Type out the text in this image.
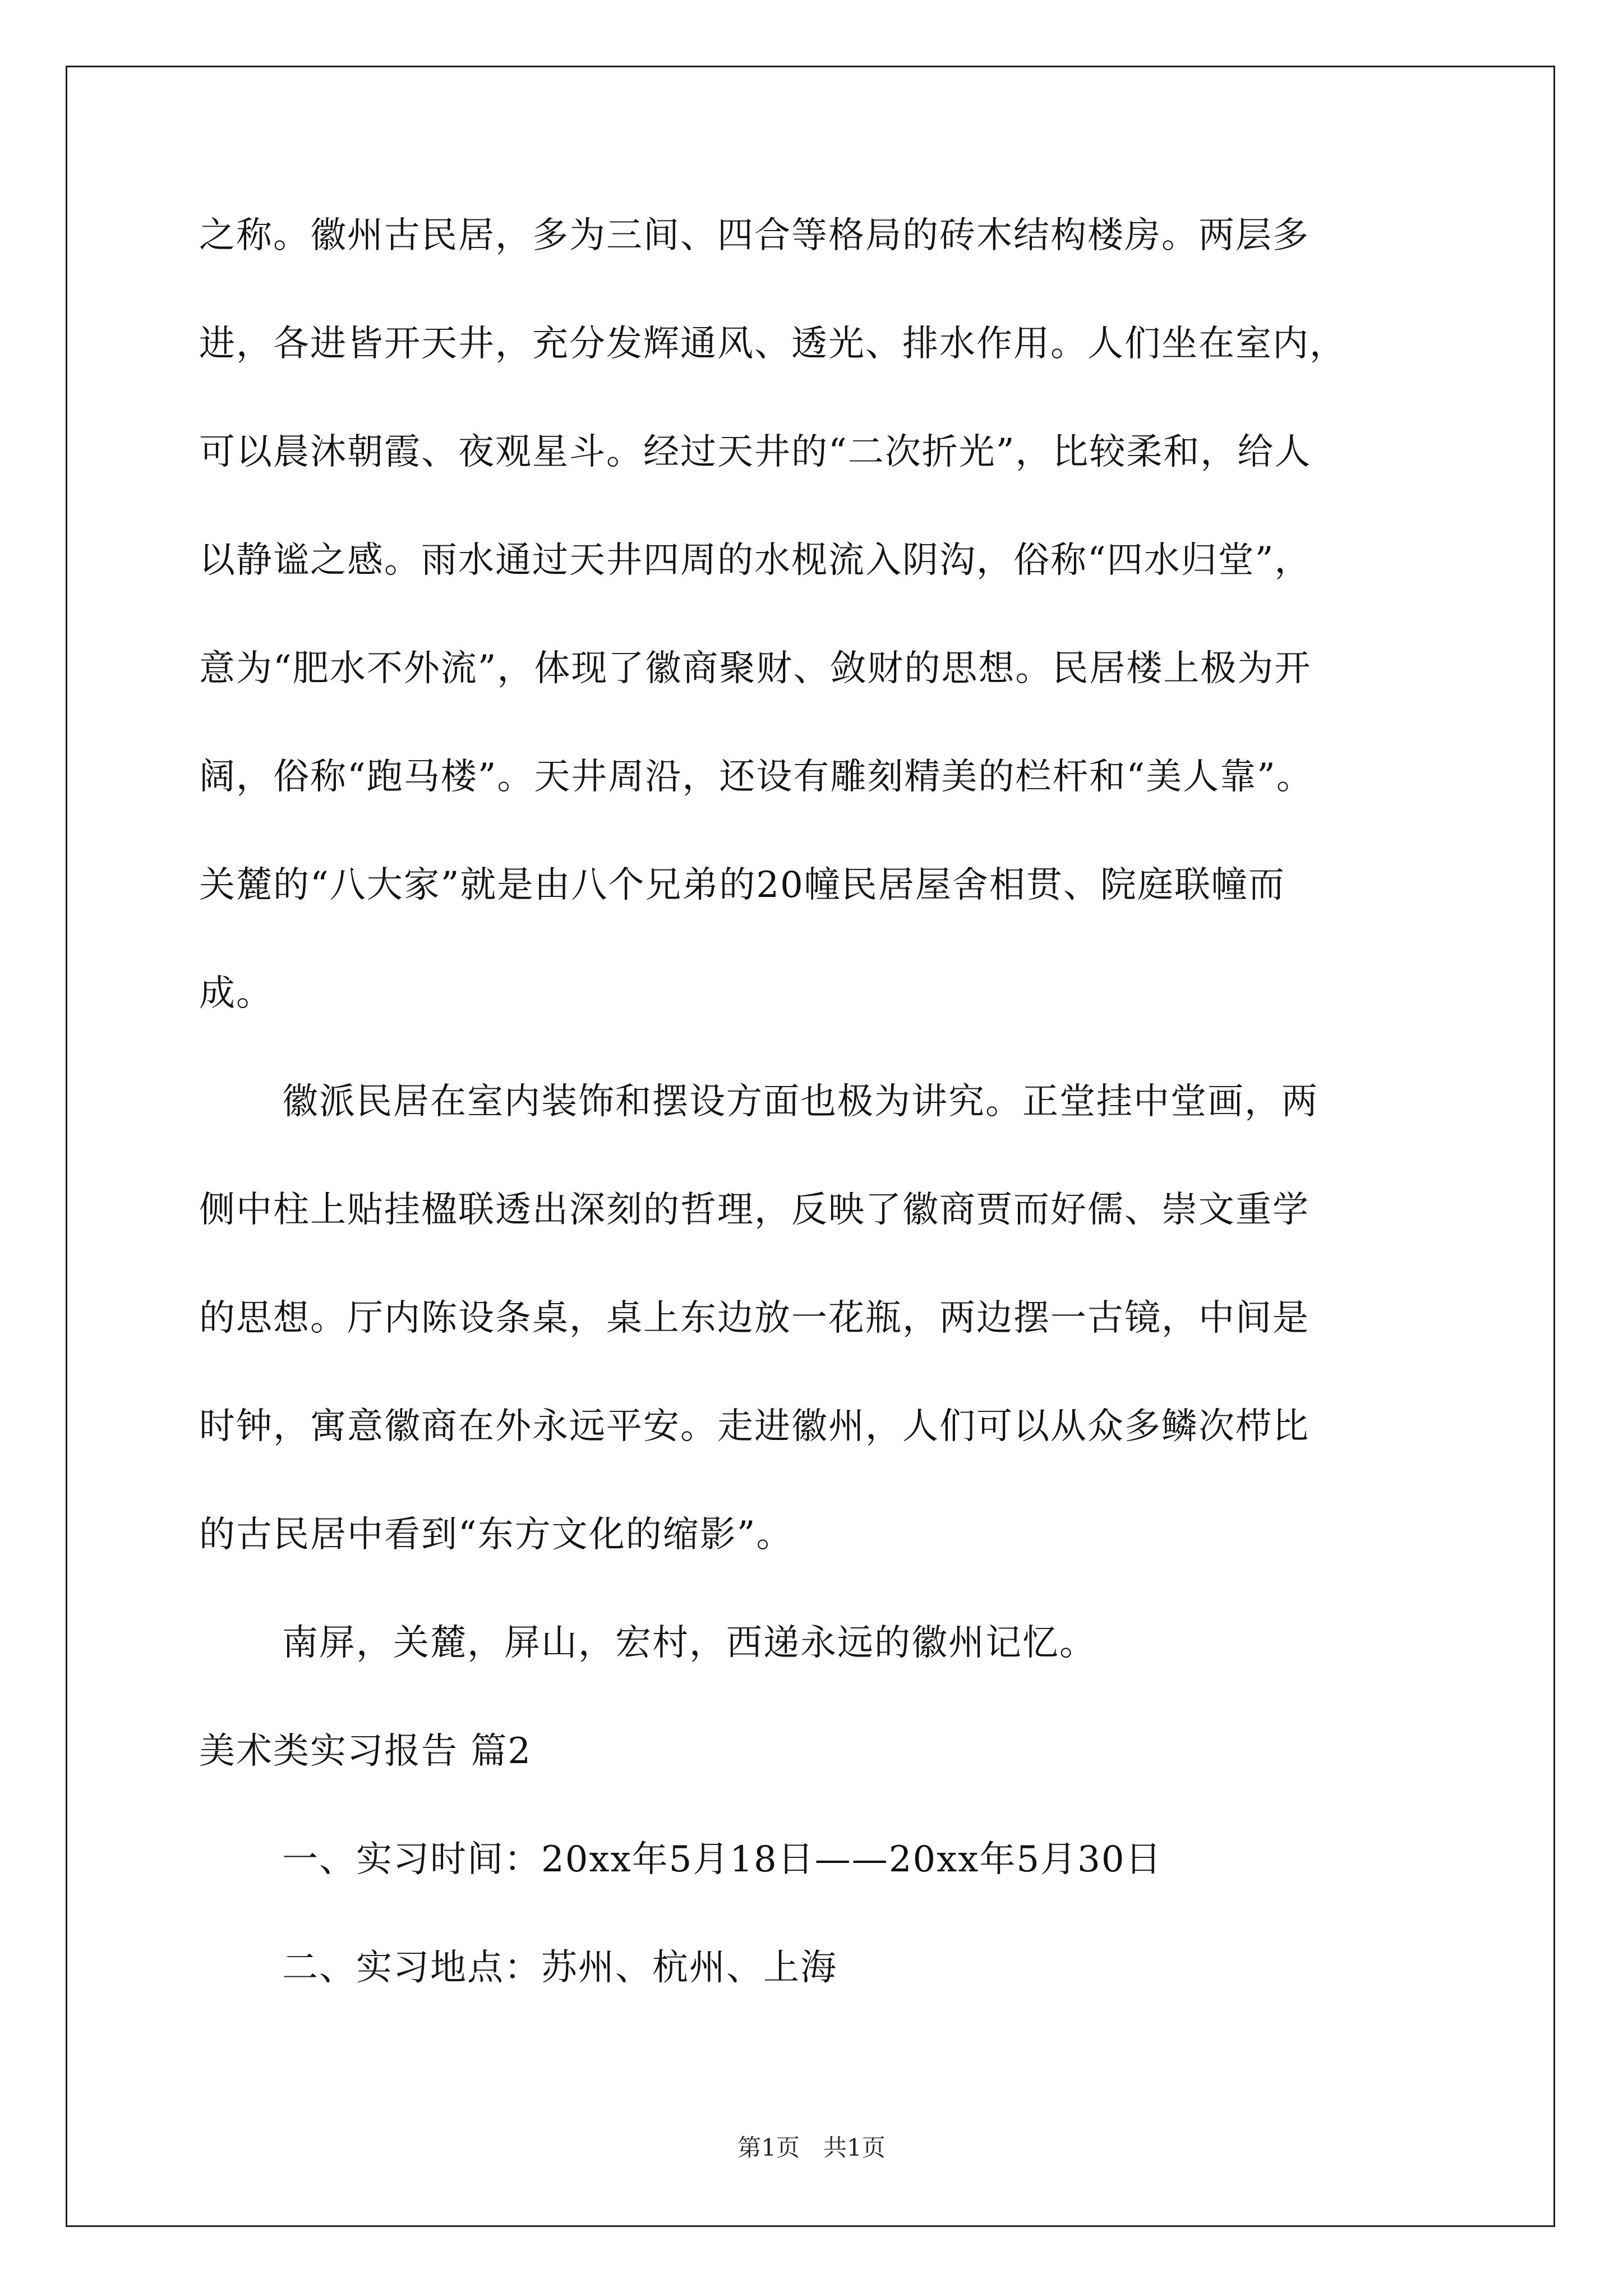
之称。徽州古民居，多为三间、四合等格局的砖木结构楼房。两层多

进，各进皆开天井，充分发辉通风、透光、排水作用。人们坐在室内，

可以晨沐朝霞、夜观星斗。经过天井的“二次折光”，比较柔和，给人

以静谧之感。雨水通过天井四周的水枧流入阴沟，俗称“四水归堂”，

意为“肥水不外流”，体现了徽商聚财、敛财的思想。民居楼上极为开

阔，俗称“跑马楼”。天井周沿，还设有雕刻精美的栏杆和“美人靠”。

关麓的“八大家”就是由八个兄弟的20幢民居屋舍相贯、院庭联幢而

成。

徽派民居在室内装饰和摆设方面也极为讲究。正堂挂中堂画，两

侧中柱上贴挂楹联透出深刻的哲理，反映了徽商贾而好儒、崇文重学

的思想。厅内陈设条桌，桌上东边放一花瓶，两边摆一古镜，中间是

时钟，寓意徽商在外永远平安。走进徽州，人们可以从众多鳞次栉比

的古民居中看到“东方文化的缩影”。

南屏，关麓，屏山，宏村，西递永远的徽州记忆。

美术类实习报告 篇2

一、实习时间：20xx年5月18日——20xx年5月30日

二、实习地点：苏州、杭州、上海

第1页　共1页
